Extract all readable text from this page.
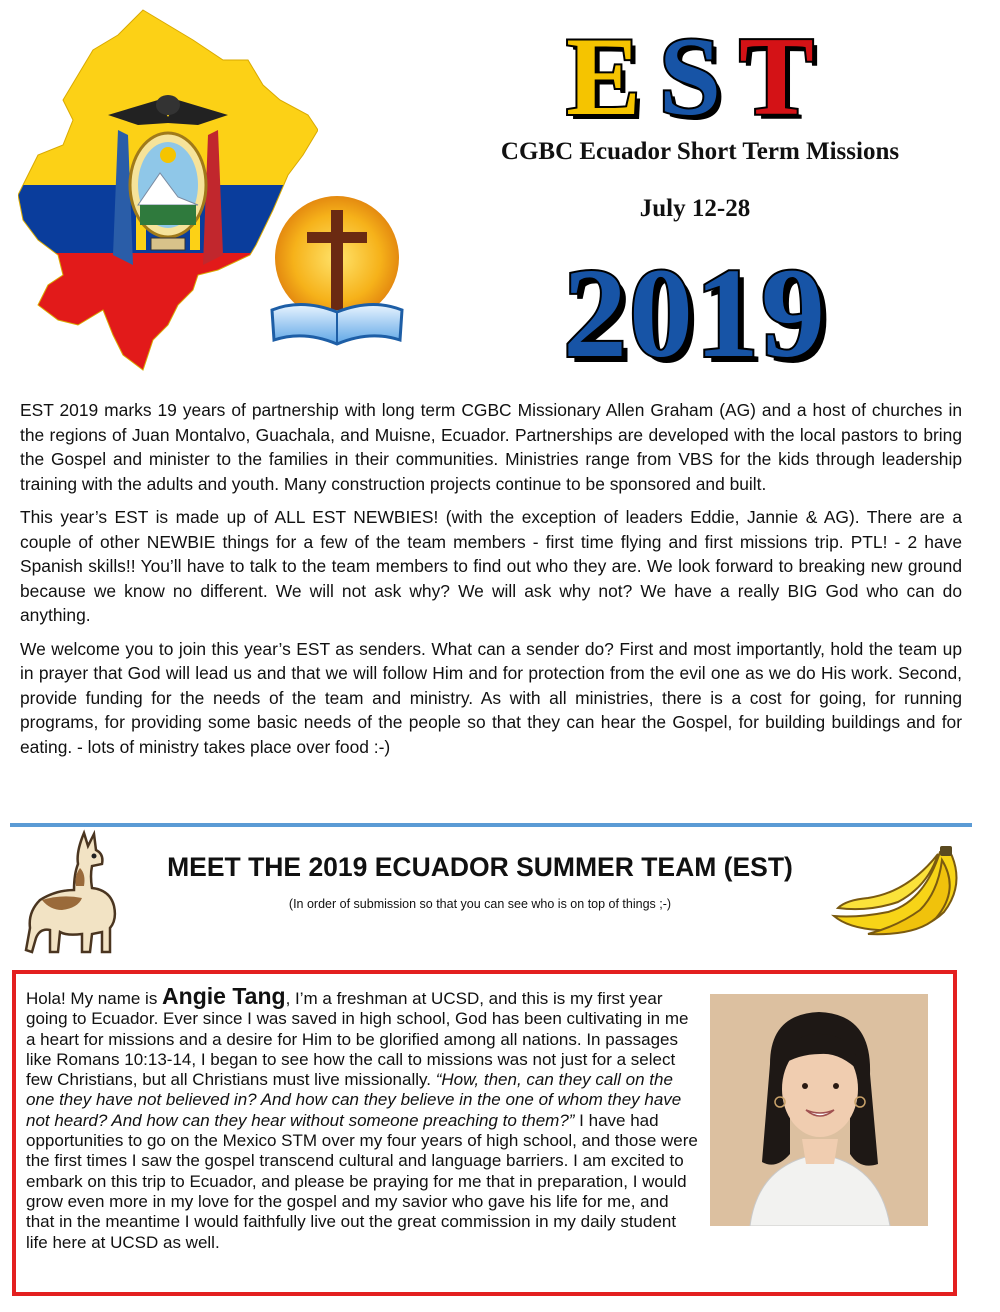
E S T
CGBC Ecuador Short Term Missions
July 12-28
2019

EST 2019 marks 19 years of partnership with long term CGBC Missionary Allen Graham (AG) and a host of churches in the regions of Juan Montalvo, Guachala, and Muisne, Ecuador. Partnerships are developed with the local pastors to bring the Gospel and minister to the families in their communities. Ministries range from VBS for the kids through leadership training with the adults and youth. Many construction projects continue to be sponsored and built.

This year’s EST is made up of ALL EST NEWBIES! (with the exception of leaders Eddie, Jannie & AG). There are a couple of other NEWBIE things for a few of the team members - first time flying and first missions trip. PTL! - 2 have Spanish skills!! You’ll have to talk to the team members to find out who they are. We look forward to breaking new ground because we know no different. We will not ask why? We will ask why not? We have a really BIG God who can do anything.

We welcome you to join this year’s EST as senders. What can a sender do? First and most importantly, hold the team up in prayer that God will lead us and that we will follow Him and for protection from the evil one as we do His work. Second, provide funding for the needs of the team and ministry. As with all ministries, there is a cost for going, for running programs, for providing some basic needs of the people so that they can hear the Gospel, for building buildings and for eating. - lots of ministry takes place over food :-)

MEET THE 2019 ECUADOR SUMMER TEAM (EST)
(In order of submission so that you can see who is on top of things ;-)
Hola! My name is Angie Tang, I’m a freshman at UCSD, and this is my first year going to Ecuador. Ever since I was saved in high school, God has been cultivating in me a heart for missions and a desire for Him to be glorified among all nations. In passages like Romans 10:13-14, I began to see how the call to missions was not just for a select few Christians, but all Christians must live missionally. “How, then, can they call on the one they have not believed in? And how can they believe in the one of whom they have not heard? And how can they hear without someone preaching to them?” I have had opportunities to go on the Mexico STM over my four years of high school, and those were the first times I saw the gospel transcend cultural and language barriers. I am excited to embark on this trip to Ecuador, and please be praying for me that in preparation, I would grow even more in my love for the gospel and my savior who gave his life for me, and that in the meantime I would faithfully live out the great commission in my daily student life here at UCSD as well.
